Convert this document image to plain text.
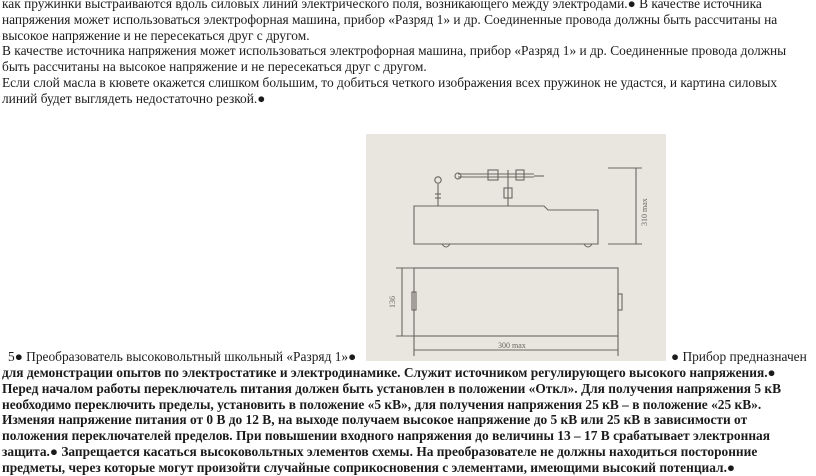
как пружинки выстраиваются вдоль силовых линий электрического поля, возникающего между электродами.● В качестве источника напряжения может использоваться электрофорная машина, прибор «Разряд 1» и др. Соединенные провода должны быть рассчитаны на высокое напряжение и не пересекаться друг с другом.

В качестве источника напряжения может использоваться электрофорная машина, прибор «Разряд 1» и др. Соединенные провода должны быть рассчитаны на высокое напряжение и не пересекаться друг с другом.

Если слой масла в кювете окажется слишком большим, то добиться четкого изображения всех пружинок не удастся, и картина силовых линий будет выглядеть недостаточно резкой.●

310 max
136
300 max
5● Преобразователь высоковольтный школьный «Разряд 1»●	● Прибор предназначен

для демонстрации опытов по электростатике и электродинамике. Служит источником регулирующего высокого напряжения.● Перед началом работы переключатель питания должен быть установлен в положении «Откл». Для получения напряжения 5 кВ необходимо переключить пределы, установить в положение «5 кВ», для получения напряжения 25 кВ – в положение «25 кВ». Изменяя напряжение питания от 0 В до 12 В, на выходе получаем высокое напряжение до 5 кВ или 25 кВ в зависимости от положения переключателей пределов. При повышении входного напряжения до величины 13 – 17 В срабатывает электронная защита.● Запрещается касаться высоковольтных элементов схемы. На преобразователе не должны находиться посторонние предметы, через которые могут произойти случайные соприкосновения с элементами, имеющими высокий потенциал.●
